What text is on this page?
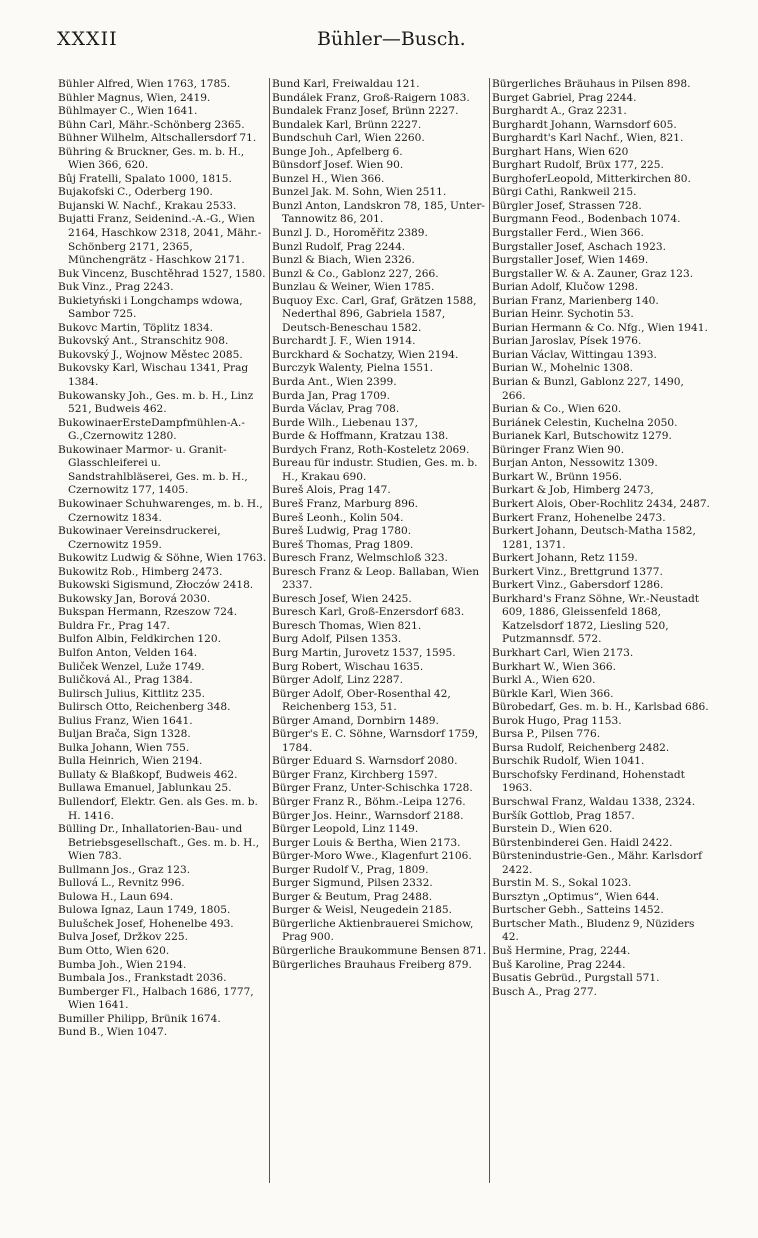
XXXII	Bühler—Busch.
Bühler Alfred, Wien 1763, 1785.
Bühler Magnus, Wien, 2419.
Bühlmayer C., Wien 1641.
Bühn Carl, Mähr.-Schönberg 2365.
Bühner Wilhelm, Altschallersdorf 71.
Bühring & Bruckner, Ges. m. b. H., Wien 366, 620.
Bûj Fratelli, Spalato 1000, 1815.
Bujakofski C., Oderberg 190.
Bujanski W. Nachf., Krakau 2533.
Bujatti Franz, Seidenind.-A.-G., Wien 2164, Haschkow 2318, 2041, Mähr.-Schönberg 2171, 2365, Münchengrätz - Haschkow 2171.
Buk Vincenz, Buschtěhrad 1527, 1580.
Buk Vinz., Prag 2243.
Bukietyński i Longchamps wdowa, Sambor 725.
Bukovc Martin, Töplitz 1834.
Bukovský Ant., Stranschitz 908.
Bukovský J., Wojnow Městec 2085.
Bukovsky Karl, Wischau 1341, Prag 1384.
Bukowansky Joh., Ges. m. b. H., Linz 521, Budweis 462.
BukowinaerErsteDampfmühlen-A.-G.,Czernowitz 1280.
Bukowinaer Marmor- u. Granit-Glasschleiferei u. Sandstrahlbläserei, Ges. m. b. H., Czernowitz 177, 1405.
Bukowinaer Schuhwarenges, m. b. H., Czernowitz 1834.
Bukowinaer Vereinsdruckerei, Czernowitz 1959.
Bukowitz Ludwig & Söhne, Wien 1763.
Bukowitz Rob., Himberg 2473.
Bukowski Sigismund, Złoczów 2418.
Bukowsky Jan, Borová 2030.
Bukspan Hermann, Rzeszow 724.
Buldra Fr., Prag 147.
Bulfon Albin, Feldkirchen 120.
Bulfon Anton, Velden 164.
Buliček Wenzel, Luže 1749.
Buličková Al., Prag 1384.
Bulirsch Julius, Kittlitz 235.
Bulirsch Otto, Reichenberg 348.
Bulius Franz, Wien 1641.
Buljan Brača, Sign 1328.
Bulka Johann, Wien 755.
Bulla Heinrich, Wien 2194.
Bullaty & Blaßkopf, Budweis 462.
Bullawa Emanuel, Jablunkau 25.
Bullendorf, Elektr. Gen. als Ges. m. b. H. 1416.
Bülling Dr., Inhallatorien-Bau- und Betriebsgesellschaft., Ges. m. b. H., Wien 783.
Bullmann Jos., Graz 123.
Bullová L., Revnitz 996.
Bulowa H., Laun 694.
Bulowa Ignaz, Laun 1749, 1805.
Bulušchek Josef, Hohenelbe 493.
Bulva Josef, Držkov 225.
Bum Otto, Wien 620.
Bumba Joh., Wien 2194.
Bumbala Jos., Frankstadt 2036.
Bumberger Fl., Halbach 1686, 1777, Wien 1641.
Bumiller Philipp, Brünik 1674.
Bund B., Wien 1047.
Bund Karl, Freiwaldau 121.
Bundálek Franz, Groß-Raigern 1083.
Bundalek Franz Josef, Brünn 2227.
Bundalek Karl, Brünn 2227.
Bundschuh Carl, Wien 2260.
Bunge Joh., Apfelberg 6.
Bünsdorf Josef. Wien 90.
Bunzel H., Wien 366.
Bunzel Jak. M. Sohn, Wien 2511.
Bunzl Anton, Landskron 78, 185, Unter-Tannowitz 86, 201.
Bunzl J. D., Horoměřitz 2389.
Bunzl Rudolf, Prag 2244.
Bunzl & Biach, Wien 2326.
Bunzl & Co., Gablonz 227, 266.
Bunzlau & Weiner, Wien 1785.
Buquoy Exc. Carl, Graf, Grätzen 1588, Nederthal 896, Gabriela 1587, Deutsch-Beneschau 1582.
Burchardt J. F., Wien 1914.
Burckhard & Sochatzy, Wien 2194.
Burczyk Walenty, Pielna 1551.
Burda Ant., Wien 2399.
Burda Jan, Prag 1709.
Burda Václav, Prag 708.
Burde Wilh., Liebenau 137,
Burde & Hoffmann, Kratzau 138.
Burdych Franz, Roth-Kosteletz 2069.
Bureau für industr. Studien, Ges. m. b. H., Krakau 690.
Bureš Alois, Prag 147.
Bureš Franz, Marburg 896.
Bureš Leonh., Kolin 504.
Bureš Ludwig, Prag 1780.
Bureš Thomas, Prag 1809.
Buresch Franz, Welmschloß 323.
Buresch Franz & Leop. Ballaban, Wien 2337.
Buresch Josef, Wien 2425.
Buresch Karl, Groß-Enzersdorf 683.
Buresch Thomas, Wien 821.
Burg Adolf, Pilsen 1353.
Burg Martin, Jurovetz 1537, 1595.
Burg Robert, Wischau 1635.
Bürger Adolf, Linz 2287.
Bürger Adolf, Ober-Rosenthal 42, Reichenberg 153, 51.
Bürger Amand, Dornbirn 1489.
Bürger's E. C. Söhne, Warnsdorf 1759, 1784.
Bürger Eduard S. Warnsdorf 2080.
Bürger Franz, Kirchberg 1597.
Bürger Franz, Unter-Schischka 1728.
Bürger Franz R., Böhm.-Leipa 1276.
Bürger Jos. Heinr., Warnsdorf 2188.
Bürger Leopold, Linz 1149.
Burger Louis & Bertha, Wien 2173.
Bürger-Moro Wwe., Klagenfurt 2106.
Burger Rudolf V., Prag, 1809.
Burger Sigmund, Pilsen 2332.
Burger & Beutum, Prag 2488.
Burger & Weisl, Neugedein 2185.
Bürgerliche Aktienbrauerei Smichow, Prag 900.
Bürgerliche Braukommune Bensen 871.
Bürgerliches Brauhaus Freiberg 879.
Bürgerliches Bräuhaus in Pilsen 898.
Burget Gabriel, Prag 2244.
Burghardt A., Graz 2231.
Burghardt Johann, Warnsdorf 605.
Burghardt's Karl Nachf., Wien, 821.
Burghart Hans, Wien 620
Burghart Rudolf, Brüx 177, 225.
BurghoferLeopold, Mitterkirchen 80.
Bürgi Cathi, Rankweil 215.
Bürgler Josef, Strassen 728.
Burgmann Feod., Bodenbach 1074.
Burgstaller Ferd., Wien 366.
Burgstaller Josef, Aschach 1923.
Burgstaller Josef, Wien 1469.
Burgstaller W. & A. Zauner, Graz 123.
Burian Adolf, Klučow 1298.
Burian Franz, Marienberg 140.
Burian Heinr. Sychotin 53.
Burian Hermann & Co. Nfg., Wien 1941.
Burian Jaroslav, Písek 1976.
Burian Václav, Wittingau 1393.
Burian W., Mohelnic 1308.
Burian & Bunzl, Gablonz 227, 1490, 266.
Burian & Co., Wien 620.
Buriánek Celestin, Kuchelna 2050.
Burianek Karl, Butschowitz 1279.
Büringer Franz Wien 90.
Burjan Anton, Nessowitz 1309.
Burkart W., Brünn 1956.
Burkart & Job, Himberg 2473,
Burkert Alois, Ober-Rochlitz 2434, 2487.
Burkert Franz, Hohenelbe 2473.
Burkert Johann, Deutsch-Matha 1582, 1281, 1371.
Burkert Johann, Retz 1159.
Burkert Vinz., Brettgrund 1377.
Burkert Vinz., Gabersdorf 1286.
Burkhard's Franz Söhne, Wr.-Neustadt 609, 1886, Gleissenfeld 1868, Katzelsdorf 1872, Liesling 520, Putzmannsdf. 572.
Burkhart Carl, Wien 2173.
Burkhart W., Wien 366.
Burkl A., Wien 620.
Bürkle Karl, Wien 366.
Bürobedarf, Ges. m. b. H., Karlsbad 686.
Burok Hugo, Prag 1153.
Bursa P., Pilsen 776.
Bursa Rudolf, Reichenberg 2482.
Burschik Rudolf, Wien 1041.
Burschofsky Ferdinand, Hohenstadt 1963.
Burschwal Franz, Waldau 1338, 2324.
Buršík Gottlob, Prag 1857.
Burstein D., Wien 620.
Bürstenbinderei Gen. Haidl 2422.
Bürstenindustrie-Gen., Mähr. Karlsdorf 2422.
Burstin M. S., Sokal 1023.
Bursztyn „Optimus“, Wien 644.
Burtscher Gebh., Satteins 1452.
Burtscher Math., Bludenz 9, Nüziders 42.
Buš Hermine, Prag, 2244.
Buš Karoline, Prag 2244.
Busatis Gebrüd., Purgstall 571.
Busch A., Prag 277.
